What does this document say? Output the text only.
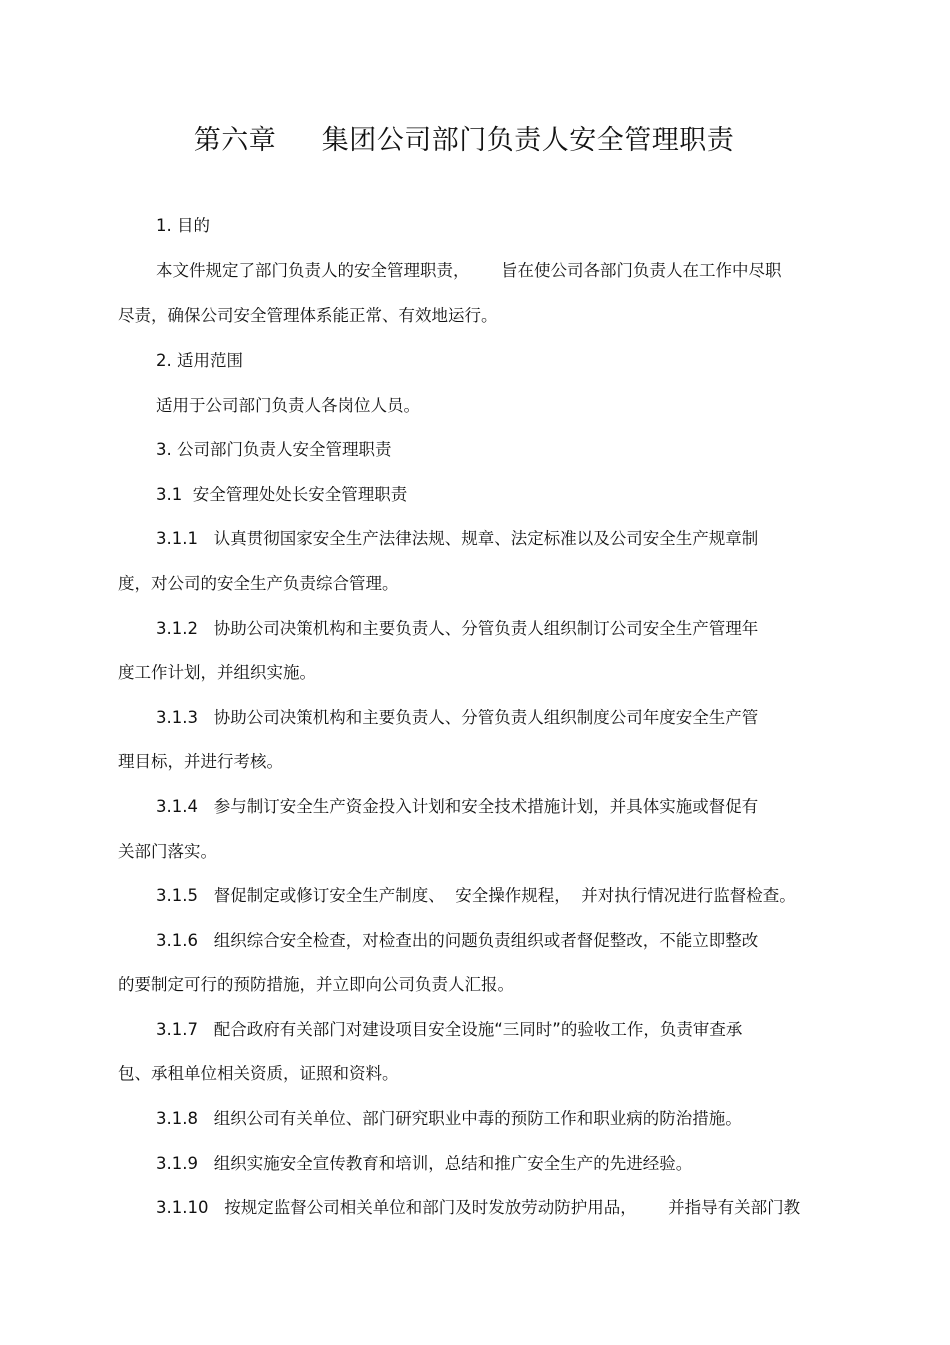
第六章     集团公司部门负责人安全管理职责
1. 目的
本文件规定了部门负责人的安全管理职责，      旨在使公司各部门负责人在工作中尽职
尽责，确保公司安全管理体系能正常、有效地运行。
2. 适用范围
适用于公司部门负责人各岗位人员。
3. 公司部门负责人安全管理职责
3.1  安全管理处处长安全管理职责
3.1.1   认真贯彻国家安全生产法律法规、规章、法定标准以及公司安全生产规章制
度，对公司的安全生产负责综合管理。
3.1.2   协助公司决策机构和主要负责人、分管负责人组织制订公司安全生产管理年
度工作计划，并组织实施。
3.1.3   协助公司决策机构和主要负责人、分管负责人组织制度公司年度安全生产管
理目标，并进行考核。
3.1.4   参与制订安全生产资金投入计划和安全技术措施计划，并具体实施或督促有
关部门落实。
3.1.5   督促制定或修订安全生产制度、  安全操作规程，  并对执行情况进行监督检查。
3.1.6   组织综合安全检查，对检查出的问题负责组织或者督促整改，不能立即整改
的要制定可行的预防措施，并立即向公司负责人汇报。
3.1.7   配合政府有关部门对建设项目安全设施“三同时”的验收工作，负责审查承
包、承租单位相关资质，证照和资料。
3.1.8   组织公司有关单位、部门研究职业中毒的预防工作和职业病的防治措施。
3.1.9   组织实施安全宣传教育和培训，总结和推广安全生产的先进经验。
3.1.10   按规定监督公司相关单位和部门及时发放劳动防护用品，      并指导有关部门教
